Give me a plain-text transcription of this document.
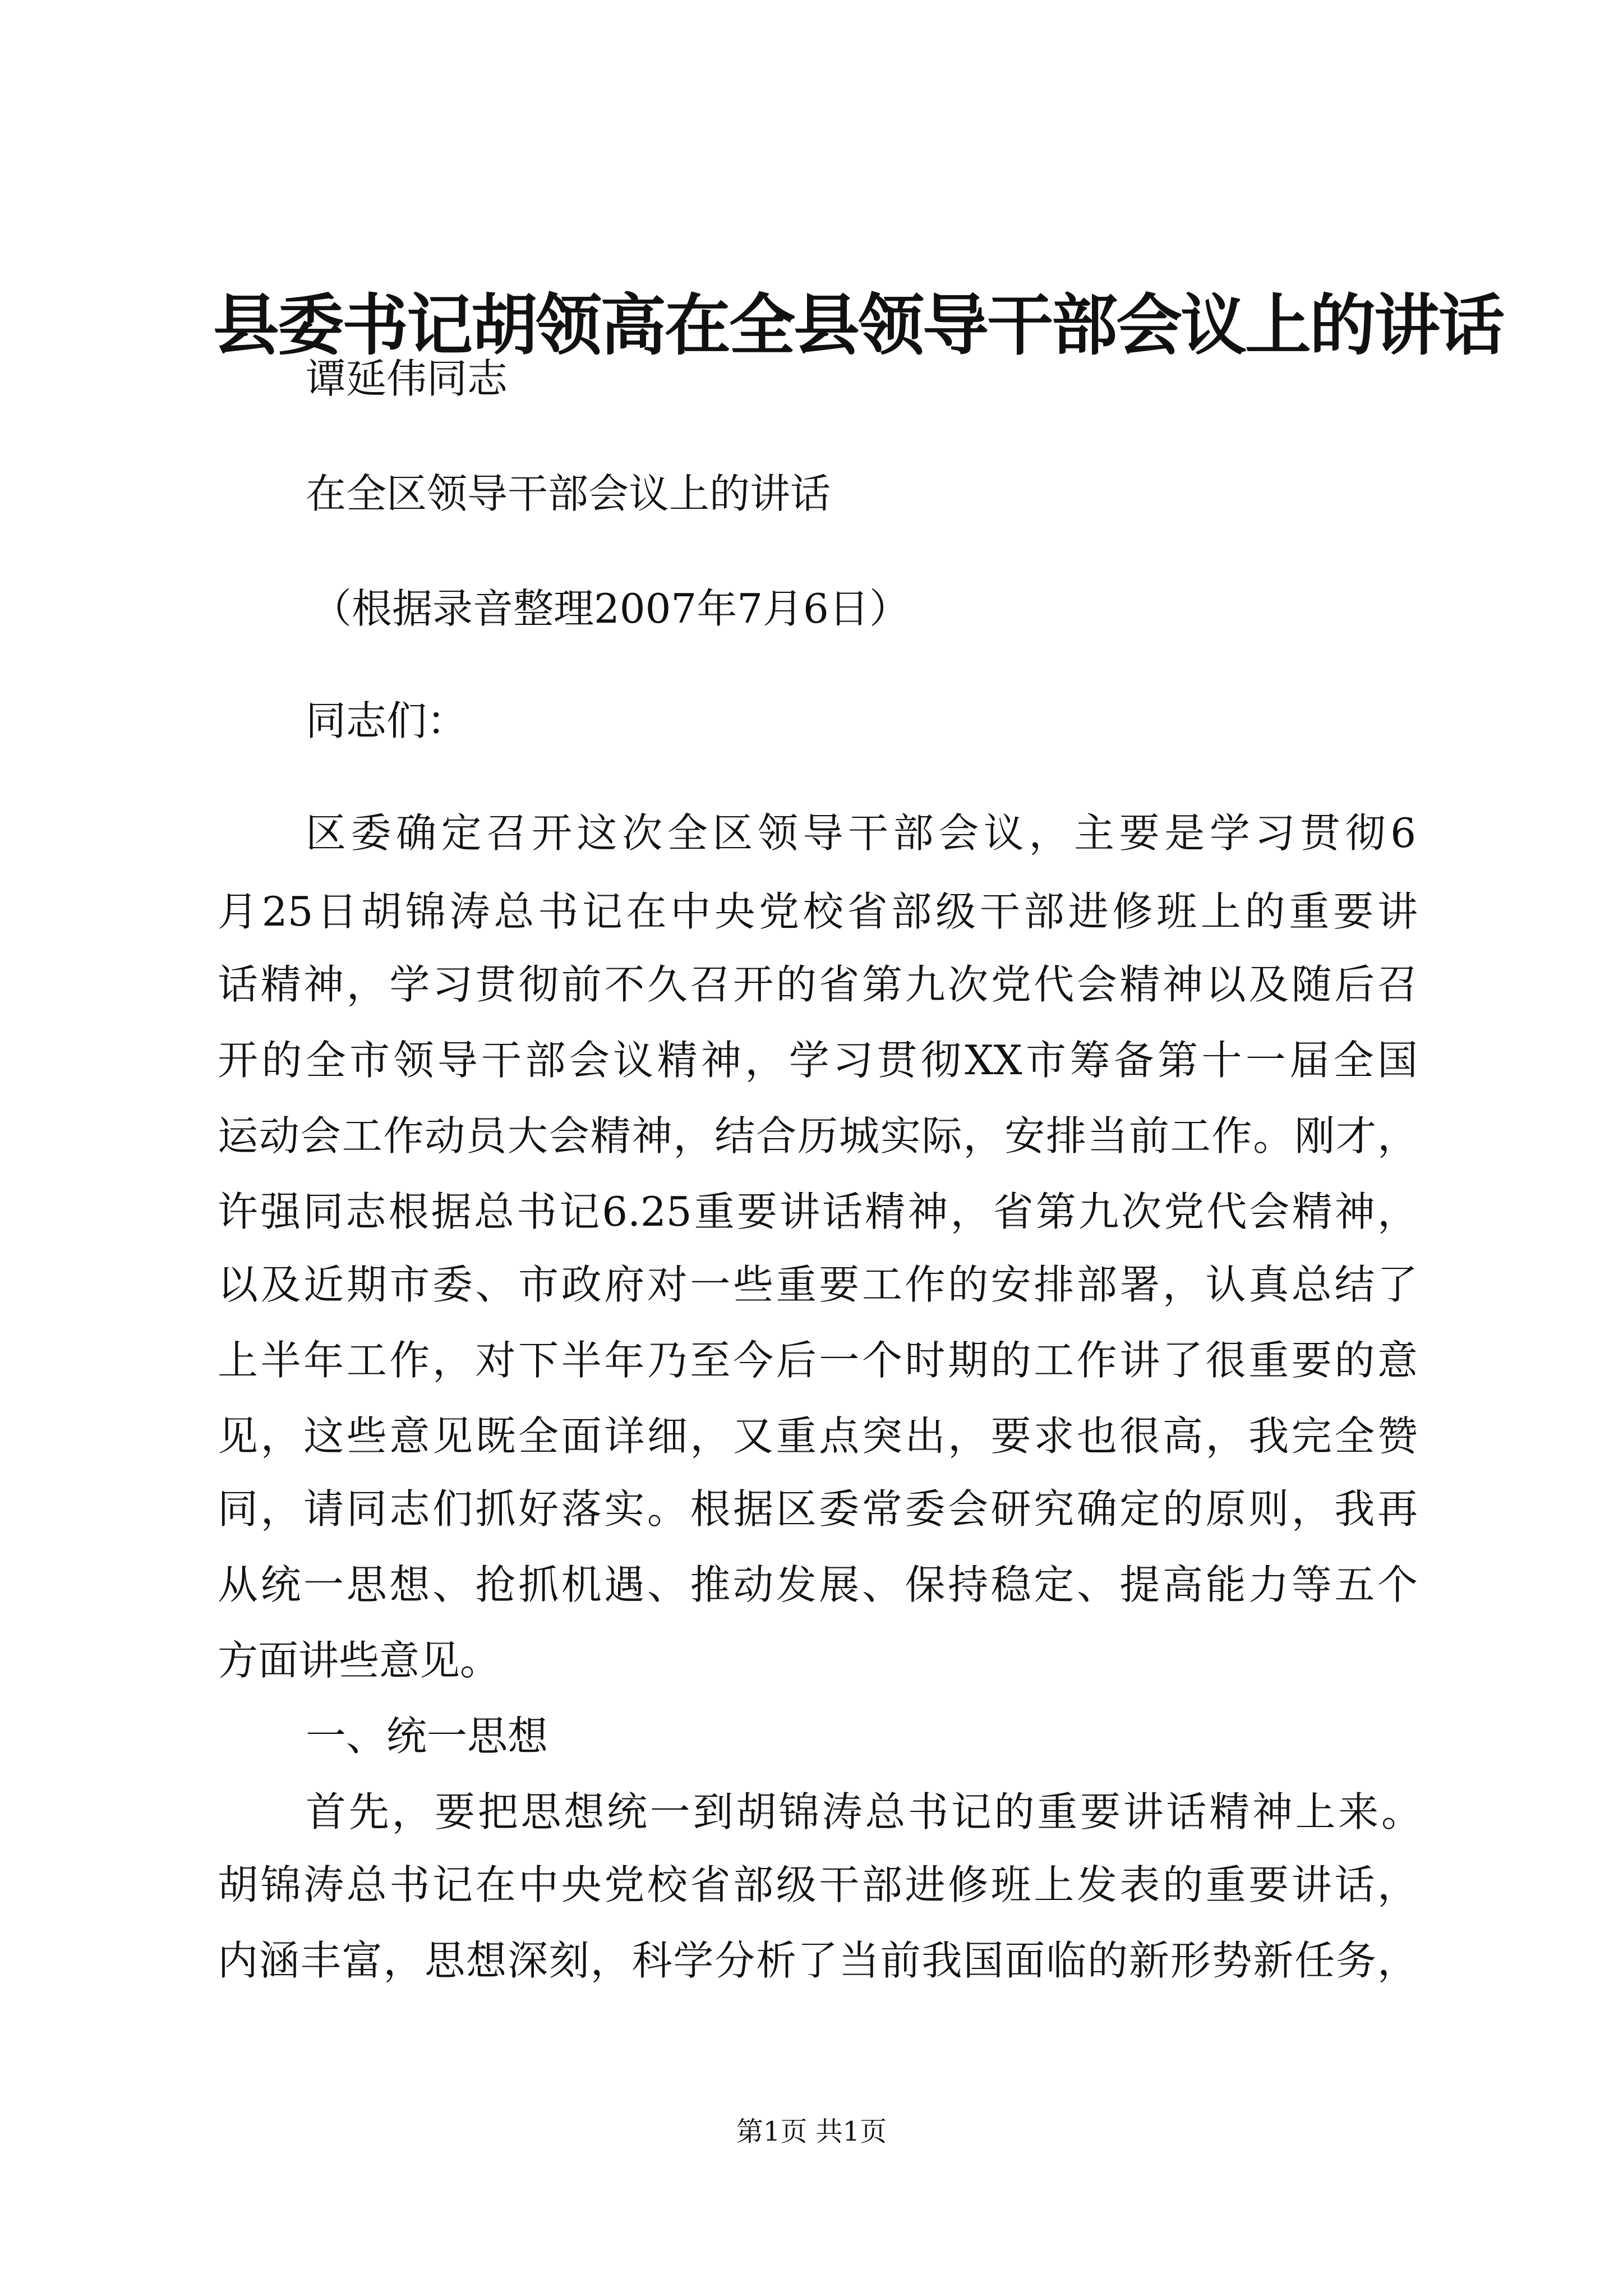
县委书记胡领高在全县领导干部会议上的讲话
谭延伟同志
在全区领导干部会议上的讲话
（根据录音整理2007年7月6日）
同志们：
区委确定召开这次全区领导干部会议，主要是学习贯彻6
月25日胡锦涛总书记在中央党校省部级干部进修班上的重要讲
话精神，学习贯彻前不久召开的省第九次党代会精神以及随后召
开的全市领导干部会议精神，学习贯彻XX市筹备第十一届全国
运动会工作动员大会精神，结合历城实际，安排当前工作。刚才，
许强同志根据总书记6.25重要讲话精神，省第九次党代会精神，
以及近期市委、市政府对一些重要工作的安排部署，认真总结了
上半年工作，对下半年乃至今后一个时期的工作讲了很重要的意
见，这些意见既全面详细，又重点突出，要求也很高，我完全赞
同，请同志们抓好落实。根据区委常委会研究确定的原则，我再
从统一思想、抢抓机遇、推动发展、保持稳定、提高能力等五个
方面讲些意见。
一、统一思想
首先，要把思想统一到胡锦涛总书记的重要讲话精神上来。
胡锦涛总书记在中央党校省部级干部进修班上发表的重要讲话，
内涵丰富，思想深刻，科学分析了当前我国面临的新形势新任务，
第1页 共1页
